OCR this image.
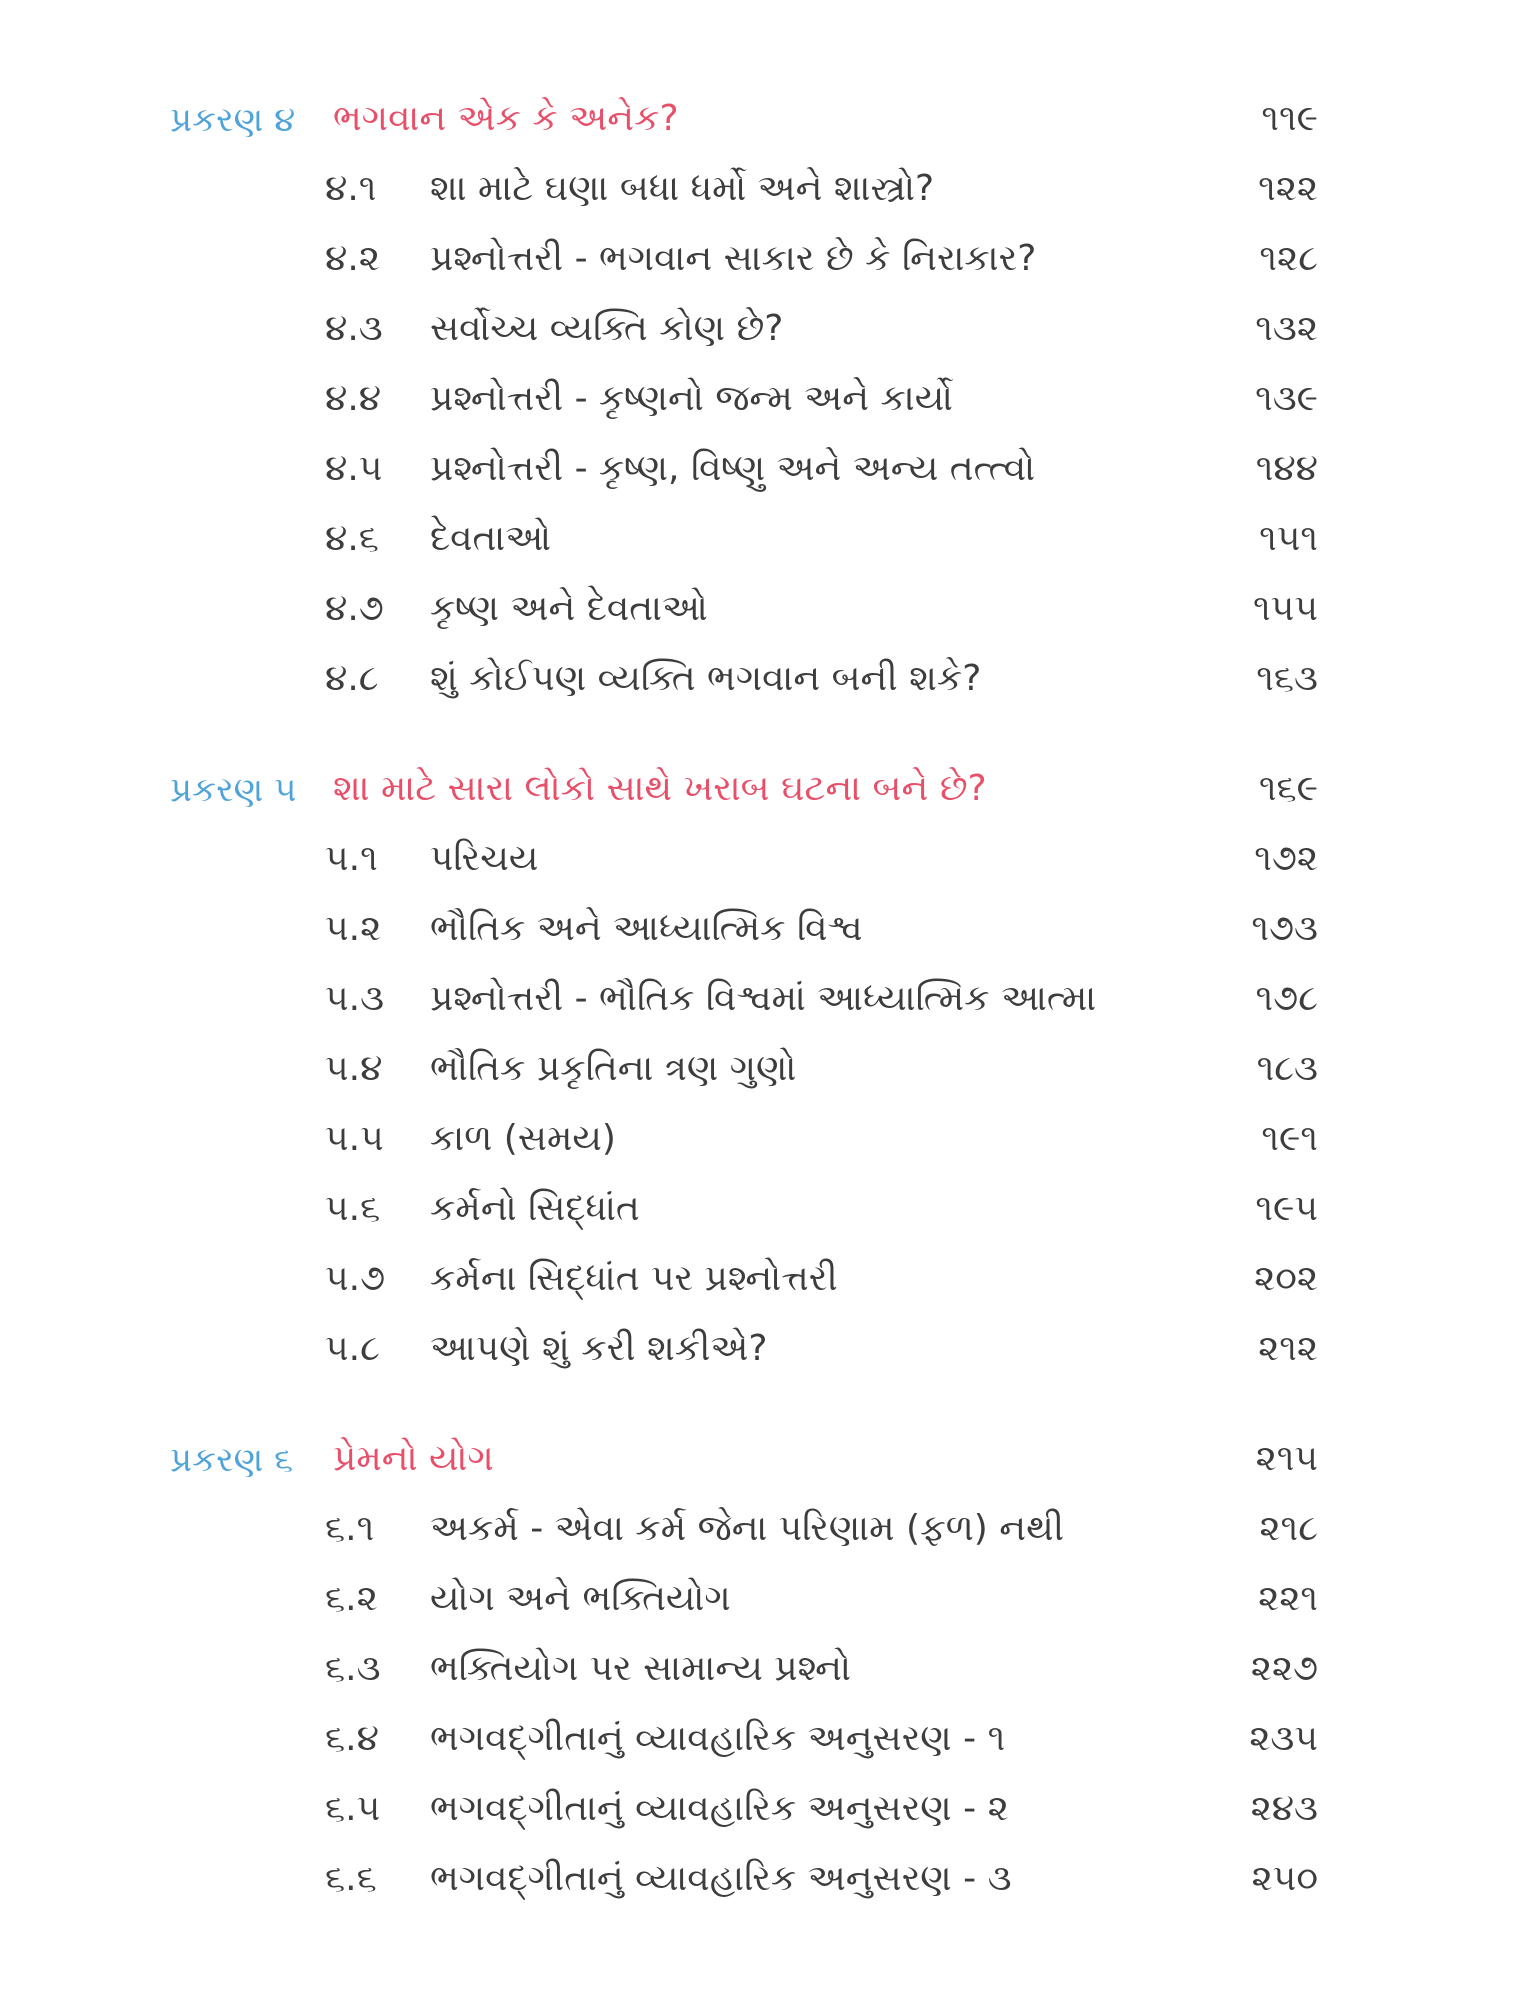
પ્રકરણ ૪ ભગવાન એક કે અનેક?	૧૧૯
૪.૧ શા માટે ઘણા બધા ધર્મો અને શાસ્ત્રો?	૧૨૨
૪.૨ પ્રશ્નોત્તરી - ભગવાન સાકાર છે કે નિરાકાર?	૧૨૮
૪.૩ સર્વોચ્ચ વ્યક્તિ કોણ છે?	૧૩૨
૪.૪ પ્રશ્નોત્તરી - કૃષ્ણનો જન્મ અને કાર્યો	૧૩૯
૪.૫ પ્રશ્નોત્તરી - કૃષ્ણ, વિષ્ણુ અને અન્ય તત્ત્વો	૧૪૪
૪.૬ દેવતાઓ	૧૫૧
૪.૭ કૃષ્ણ અને દેવતાઓ	૧૫૫
૪.૮ શું કોઈપણ વ્યક્તિ ભગવાન બની શકે?	૧૬૩
પ્રકરણ ૫ શા માટે સારા લોકો સાથે ખરાબ ઘટના બને છે?	૧૬૯
૫.૧ પરિચય	૧૭૨
૫.૨ ભૌતિક અને આધ્યાત્મિક વિશ્વ	૧૭૩
૫.૩ પ્રશ્નોત્તરી - ભૌતિક વિશ્વમાં આધ્યાત્મિક આત્મા	૧૭૮
૫.૪ ભૌતિક પ્રકૃતિના ત્રણ ગુણો	૧૮૩
૫.૫ કાળ (સમય)	૧૯૧
૫.૬ કર્મનો સિદ્ધાંત	૧૯૫
૫.૭ કર્મના સિદ્ધાંત પર પ્રશ્નોત્તરી	૨૦૨
૫.૮ આપણે શું કરી શકીએ?	૨૧૨
પ્રકરણ ૬ પ્રેમનો યોગ	૨૧૫
૬.૧ અકર્મ - એવા કર્મ જેના પરિણામ (ફળ) નથી	૨૧૮
૬.૨ યોગ અને ભક્તિયોગ	૨૨૧
૬.૩ ભક્તિયોગ પર સામાન્ય પ્રશ્નો	૨૨૭
૬.૪ ભગવદ્‌ગીતાનું વ્યાવહારિક અનુસરણ - ૧	૨૩૫
૬.૫ ભગવદ્‌ગીતાનું વ્યાવહારિક અનુસરણ - ૨	૨૪૩
૬.૬ ભગવદ્‌ગીતાનું વ્યાવહારિક અનુસરણ - ૩	૨૫૦
